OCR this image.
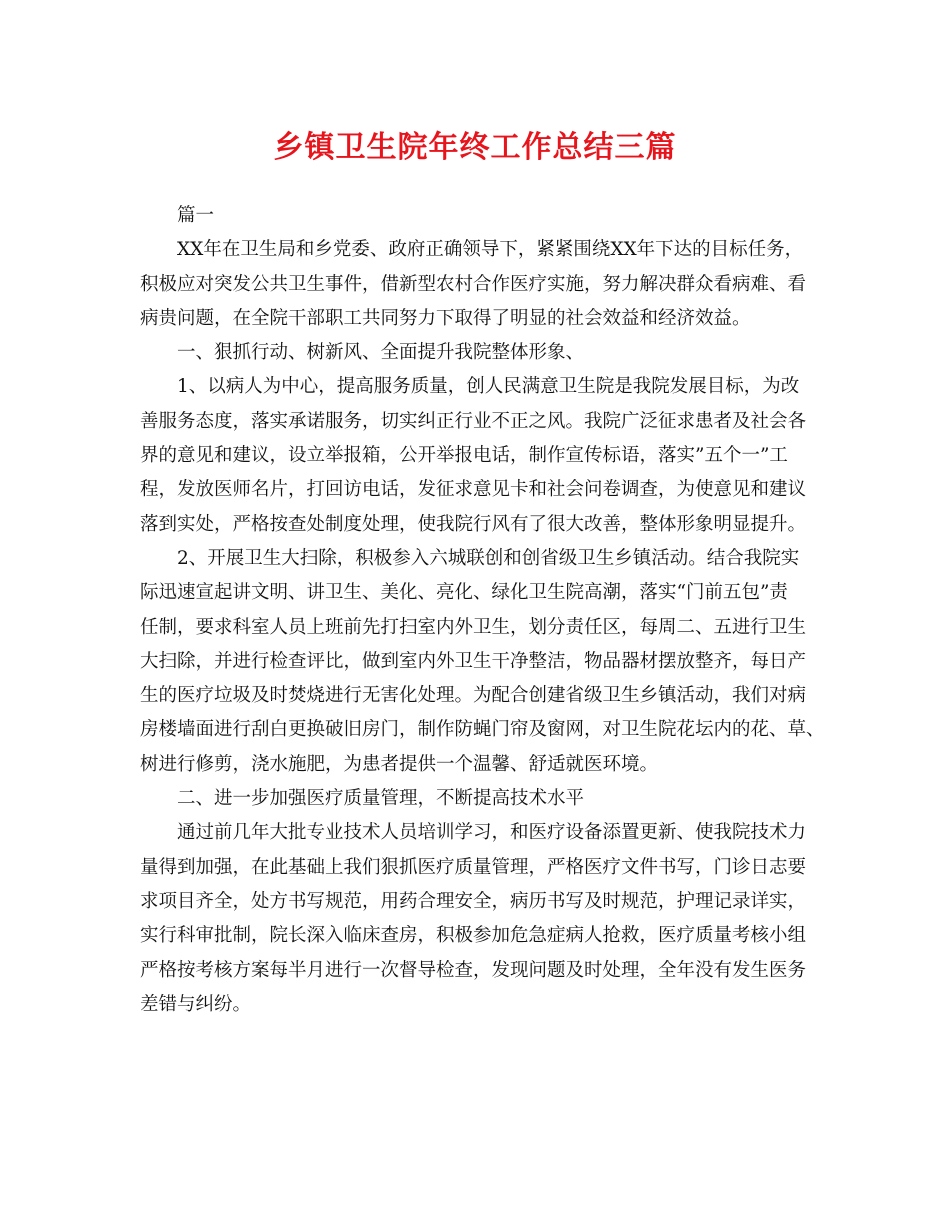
乡镇卫生院年终工作总结三篇
篇一
XX年在卫生局和乡党委、政府正确领导下，紧紧围绕XX年下达的目标任务，
积极应对突发公共卫生事件，借新型农村合作医疗实施，努力解决群众看病难、看
病贵问题，在全院干部职工共同努力下取得了明显的社会效益和经济效益。
一、狠抓行动、树新风、全面提升我院整体形象、
1、以病人为中心，提高服务质量，创人民满意卫生院是我院发展目标，为改
善服务态度，落实承诺服务，切实纠正行业不正之风。我院广泛征求患者及社会各
界的意见和建议，设立举报箱，公开举报电话，制作宣传标语，落实”五个一”工
程，发放医师名片，打回访电话，发征求意见卡和社会问卷调查，为使意见和建议
落到实处，严格按查处制度处理，使我院行风有了很大改善，整体形象明显提升。
2、开展卫生大扫除，积极参入六城联创和创省级卫生乡镇活动。结合我院实
际迅速宣起讲文明、讲卫生、美化、亮化、绿化卫生院高潮，落实“门前五包”责
任制，要求科室人员上班前先打扫室内外卫生，划分责任区，每周二、五进行卫生
大扫除，并进行检查评比，做到室内外卫生干净整洁，物品器材摆放整齐，每日产
生的医疗垃圾及时焚烧进行无害化处理。为配合创建省级卫生乡镇活动，我们对病
房楼墙面进行刮白更换破旧房门，制作防蝇门帘及窗网，对卫生院花坛内的花、草、
树进行修剪，浇水施肥，为患者提供一个温馨、舒适就医环境。
二、进一步加强医疗质量管理，不断提高技术水平
通过前几年大批专业技术人员培训学习，和医疗设备添置更新、使我院技术力
量得到加强，在此基础上我们狠抓医疗质量管理，严格医疗文件书写，门诊日志要
求项目齐全，处方书写规范，用药合理安全，病历书写及时规范，护理记录详实，
实行科审批制，院长深入临床查房，积极参加危急症病人抢救，医疗质量考核小组
严格按考核方案每半月进行一次督导检查，发现问题及时处理，全年没有发生医务
差错与纠纷。
